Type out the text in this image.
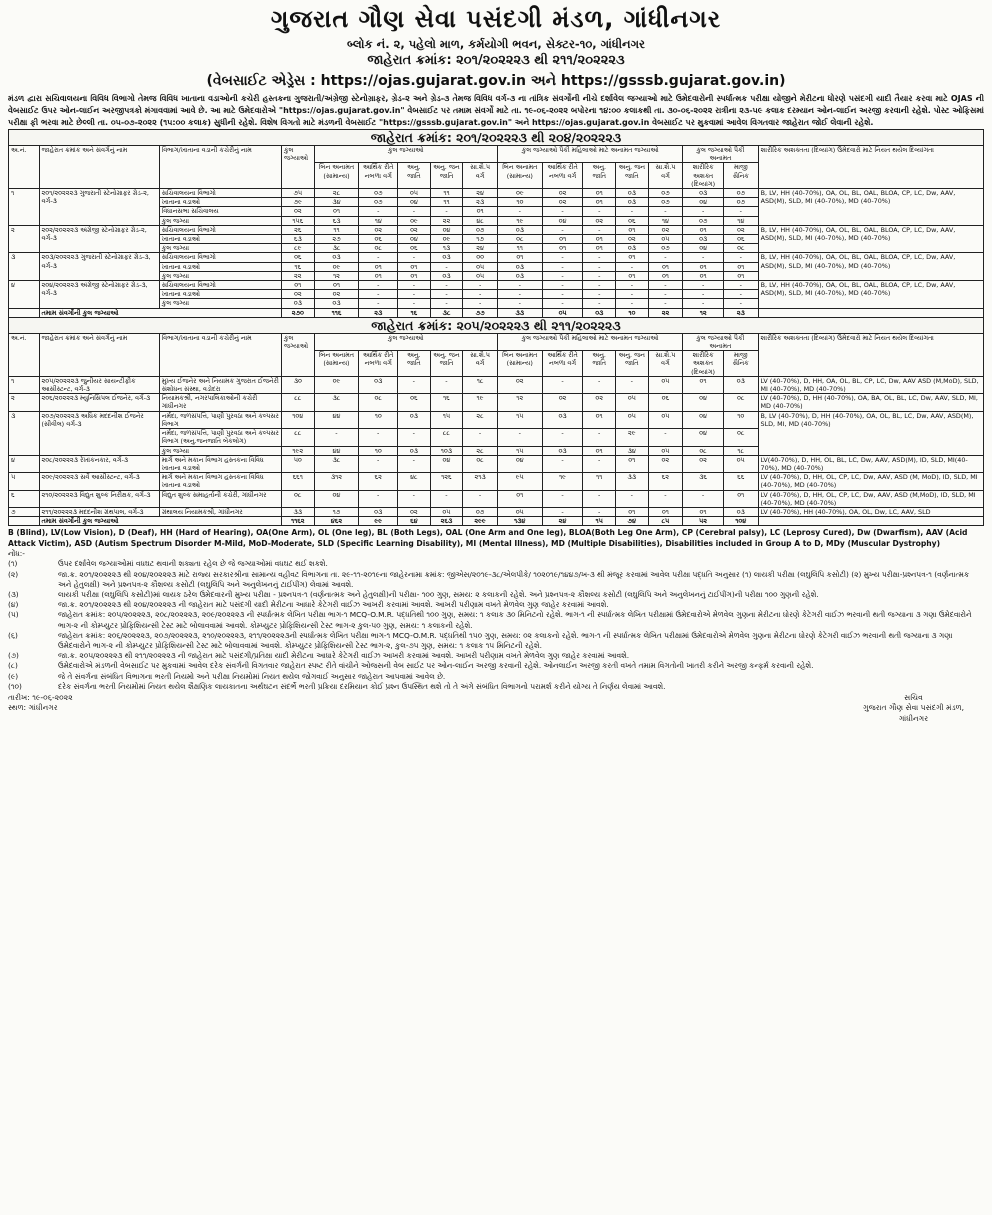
ગુજરાત ગૌણ સેવા પસંદગી મંડળ, ગાંધીનગર
બ્લોક નં. ૨, પહેલો માળ, કર્મયોગી ભવન, સેક્ટર-૧૦, ગાંધીનગર
જાહેરાત ક્રમાંક: ૨૦૧/૨૦૨૨૨૩ થી ૨૧૧/૨૦૨૨૨૩
(વેબસાઈટ એડ્રેસ : https://ojas.gujarat.gov.in અને https://gsssb.gujarat.gov.in)
મંડળ દ્વારા સચિવાલયના વિવિધ વિભાગો તેમજ વિવિધ ખાતાના વડાઓની કચેરી હસ્તકના ગુજરાતી/અંગ્રેજી સ્ટેનોગ્રાફર, ગ્રેડ-૨ અને ગ્રેડ-૩ તેમજ વિવિધ વર્ગ-૩ ના તાંત્રિક સંવર્ગોની નીચે દર્શાવેલ જગ્યાઓ માટે ઉમેદવારોની સ્પર્ધાત્મક પરીક્ષા યોજીને મેરીટના ધોરણે પસંદગી યાદી તૈયાર કરવા માટે OJAS ની વેબસાઈટ ઉપર ઓન-લાઈન અરજીપત્રકો મંગાવવામાં આવે છે. આ માટે ઉમેદવારોએ "https://ojas.gujarat.gov.in" વેબસાઈટ પર તમામ સંવર્ગો માટે તા. ૧૯-૦૬-૨૦૨૨ બપોરના ૧૪:૦૦ કલાકથી તા. ૩૦-૦૬-૨૦૨૨ રાત્રીના ૨૩-૫૯ કલાક દરમ્યાન ઓન-લાઈન અરજી કરવાની રહેશે. પોસ્ટ ઓફિસમાં પરીક્ષા ફી ભરવા માટે છેલ્લી તા. ૦૫-૦૭-૨૦૨૨ (૧૫:૦૦ કલાક) સુધીની રહેશે. વિશેષ વિગતો માટે મંડળની વેબસાઈટ "https://gsssb.gujarat.gov.in" અને https://ojas.gujarat.gov.in વેબસાઈટ પર મુકવામાં આવેલ વિગતવાર જાહેરાત જોઈ લેવાની રહેશે.
જાહેરાત ક્રમાંક: ૨૦૧/૨૦૨૨૨૩ થી ૨૦૪/૨૦૨૨૨૩																
અ.નં.	જાહેરાત ક્રમાંક અને સંવર્ગનું નામ	વિભાગ/ખાતાના વડાની કચેરીનું નામ	કુલ જગ્યાઓ	કુલ જગ્યાઓ					કુલ જગ્યાઓ પૈકી મહિલાઓ માટે અનામત જગ્યાઓ					કુલ જગ્યાઓ પૈકી અનામત		શારીરિક અશક્તતા (દિવ્યાંગ) ઉમેદવારો માટે નિયત થયેલ દિવ્યાંગતા
				બિન અનામત (સામાન્ય)	આર્થિક રીતે નબળા વર્ગ	અનુ. જાતિ	અનુ. જન જાતિ	સા.શૈ.પ વર્ગ	બિન અનામત (સામાન્ય)	આર્થિક રીતે નબળા વર્ગ	અનુ. જાતિ	અનુ. જન જાતિ	સા.શૈ.પ વર્ગ	શારીરિક અશક્ત (દિવ્યાંગ)	માજી સૈનિક	
૧	૨૦૧/૨૦૨૨૨૩ ગુજરાતી સ્ટેનોગ્રાફર ગ્રેડ-૨, વર્ગ-૩	સચિવાલયના વિભાગો	૭૫	૨૮	૦૭	૦૫	૧૧	૨૪	૦૯	૦૨	૦૧	૦૩	૦૭	૦૩	૦૭	B, LV, HH (40-70%), OA, OL, BL, OAL, BLOA, CP, LC, Dw, AAV, ASD(M), SLD, MI (40-70%), MD (40-70%)
		ખાતાના વડાઓ	૭૯	૩૪	૦૭	૦૪	૧૧	૨૩	૧૦	૦૨	૦૧	૦૩	૦૭	૦૪	૦૭	
		વિધાનસભા સચિવાલય	૦૨	૦૧	-	-	-	૦૧	-	-	-	-	-	-	-	
		કુલ જગ્યા	૧૫૬	૬૩	૧૪	૦૯	૨૨	૪૮	૧૯	૦૪	૦૨	૦૬	૧૪	૦૭	૧૪	
૨	૨૦૨/૨૦૨૨૨૩ અંગ્રેજી સ્ટેનોગ્રાફર ગ્રેડ-૨, વર્ગ-૩	સચિવાલયના વિભાગો	૨૬	૧૧	૦૨	૦૨	૦૪	૦૭	૦૩	-	-	૦૧	૦૨	૦૧	૦૨	B, LV, HH (40-70%), OA, OL, BL, OAL, BLOA, CP, LC, Dw, AAV, ASD(M), SLD, MI (40-70%), MD (40-70%)
		ખાતાના વડાઓ	૬૩	૨૭	૦૬	૦૪	૦૯	૧૭	૦૮	૦૧	૦૧	૦૨	૦૫	૦૩	૦૬	
		કુલ જગ્યા	૮૯	૩૮	૦૮	૦૬	૧૩	૨૪	૧૧	૦૧	૦૧	૦૩	૦૭	૦૪	૦૮	
૩	૨૦૩/૨૦૨૨૨૩ ગુજરાતી સ્ટેનોગ્રાફર ગ્રેડ-૩, વર્ગ-૩	સચિવાલયના વિભાગો	૦૬	૦૩	-	-	૦૩	૦૦	૦૧	-	-	૦૧	-	-	-	B, LV, HH (40-70%), OA, OL, BL, OAL, BLOA, CP, LC, Dw, AAV, ASD(M), SLD, MI (40-70%), MD (40-70%)
		ખાતાના વડાઓ	૧૬	૦૯	૦૧	૦૧	-	૦૫	૦૩	-	-	-	૦૧	૦૧	૦૧	
		કુલ જગ્યા	૨૨	૧૨	૦૧	૦૧	૦૩	૦૫	૦૩	-	-	૦૧	૦૧	૦૧	૦૧	
૪	૨૦૪/૨૦૨૨૨૩ અંગ્રેજી સ્ટેનોગ્રાફર ગ્રેડ-૩, વર્ગ-૩	સચિવાલયના વિભાગો	૦૧	૦૧	-	-	-	-	-	-	-	-	-	-	-	B, LV, HH (40-70%), OA, OL, BL, OAL, BLOA, CP, LC, Dw, AAV, ASD(M), SLD, MI (40-70%), MD (40-70%)
		ખાતાના વડાઓ	૦૨	૦૨	-	-	-	-	-	-	-	-	-	-	-	
		કુલ જગ્યા	૦૩	૦૩	-	-	-	-	-	-	-	-	-	-	-	
	તમામ સંવર્ગોની કુલ જગ્યાઓ		૨૭૦	૧૧૬	૨૩	૧૬	૩૮	૭૭	૩૩	૦૫	૦૩	૧૦	૨૨	૧૨	૨૩	
જાહેરાત ક્રમાંક: ૨૦૫/૨૦૨૨૨૩ થી ૨૧૧/૨૦૨૨૨૩																
અ.નં.	જાહેરાત ક્રમાંક અને સંવર્ગનું નામ	વિભાગ/ખાતાના વડાની કચેરીનું નામ	કુલ જગ્યાઓ	કુલ જગ્યાઓ					કુલ જગ્યાઓ પૈકી મહિલાઓ માટે અનામત જગ્યાઓ					કુલ જગ્યાઓ પૈકી અનામત		શારીરિક અશક્તતા (દિવ્યાંગ) ઉમેદવારો માટે નિયત થયેલ દિવ્યાંગતા
				બિન અનામત (સામાન્ય)	આર્થિક રીતે નબળા વર્ગ	અનુ. જાતિ	અનુ. જન જાતિ	સા.શૈ.પ વર્ગ	બિન અનામત (સામાન્ય)	આર્થિક રીતે નબળા વર્ગ	અનુ. જાતિ	અનુ. જન જાતિ	સા.શૈ.પ વર્ગ	શારીરિક અશક્ત (દિવ્યાંગ)	માજી સૈનિક	
૧	૨૦૫/૨૦૨૨૨૩ જુનીયર સાયન્ટીફીક આસીસ્ટન્ટ, વર્ગ-૩	મુખ્ય ઈજનેર અને નિયામક ગુજરાત ઈજનેરી સંશોધન સંસ્થા, વડોદરા	૩૦	૦૯	૦૩	-	-	૧૮	૦૨	-	-	-	૦૫	૦૧	૦૩	LV (40-70%), D, HH, OA, OL, BL, CP, LC, Dw, AAV ASD (M,MoD), SLD, MI (40-70%), MD (40-70%)
૨	૨૦૬/૨૦૨૨૨૩ મ્યુનિસિપલ ઈજનેર, વર્ગ-૩	નિયામકશ્રી, નગરપાલિકાઓની કચેરી ગાંધીનગર	૮૮	૩૮	૦૮	૦૬	૧૬	૧૯	૧૨	૦૨	૦૨	૦૫	૦૬	૦૪	૦૮	LV (40-70%), D, HH (40-70%), OA, BA, OL, BL, LC, Dw, AAV, SLD, MI, MD (40-70%)
૩	૨૦૭/૨૦૨૨૨૩ અધિક મદદનીશ ઈજનેર (સીવીલ) વર્ગ-૩	નર્મદા, જળસંપત્તિ, પાણી પુરવઠા અને કલ્પસર વિભાગ	૧૦૪	૪૪	૧૦	૦૩	૧૫	૨૮	૧૫	૦૩	૦૧	૦૫	૦૫	૦૪	૧૦	B, LV (40-70%), D, HH (40-70%), OA, OL, BL, LC, Dw, AAV, ASD(M), SLD, MI, MD (40-70%)
		નર્મદા, જળસંપત્તિ, પાણી પુરવઠા અને કલ્પસર વિભાગ (અનુ.જનજાતિ બેકલોગ)	૮૮	-	-	-	૮૮	-	-	-	-	૨૯	-	૦૪	૦૮	
		કુલ જગ્યા	૧૯૨	૪૪	૧૦	૦૩	૧૦૩	૨૮	૧૫	૦૩	૦૧	૩૪	૦૫	૦૮	૧૮	
૪	૨૦૮/૨૦૨૨૨૩ રેખાંકનકાર, વર્ગ-૩	માર્ગ અને મકાન વિભાગ હસ્તકના વિવિધ ખાતાના વડાઓ	૫૦	૩૮	-	-	૦૪	૦૮	૦૪	-	-	૦૧	૦૨	૦૨	૦૫	LV(40-70%), D, HH, OL, BL, LC, Dw, AAV, ASD(M), ID, SLD, MI(40-70%), MD (40-70%)
૫	૨૦૯/૨૦૨૨૨૩ સર્વે આસીસ્ટન્ટ, વર્ગ-૩	માર્ગ અને મકાન વિભાગ હસ્તકના વિવિધ ખાતાના વડાઓ	૬૬૧	૩૧૨	૬૨	૪૮	૧૨૬	૨૧૩	૯૫	૧૯	૧૧	૩૩	૬૨	૩૬	૬૬	LV (40-70%), D, HH, OL, CP, LC, Dw, AAV, ASD (M, MoD), ID, SLD, MI (40-70%), MD (40-70%)
૬	૨૧૦/૨૦૨૨૨૩ વિદ્યુત શુલ્ક નિરીક્ષક, વર્ગ-૩	વિદ્યુત શુલ્ક સમાહર્તાની કચેરી, ગાંધીનગર	૦૮	૦૪	-	-	-	-	૦૧	-	-	-	-	-	૦૧	LV (40-70%), D, HH, OL, CP, LC, Dw, AAV, ASD (M,MoD), ID, SLD, MI (40-70%), MD (40-70%)
૭	૨૧૧/૨૦૨૨૨૩ મદદનીશ ગ્રંથપાલ, વર્ગ-૩	ગ્રંથાલય નિયામકશ્રી, ગાંધીનગર	૩૩	૧૭	૦૩	૦૨	૦૫	૦૭	૦૫	-	-	૦૧	૦૧	૦૧	૦૩	LV (40-70%), HH (40-70%), OA, OL, Dw, LC, AAV, SLD
	તમામ સંવર્ગોની કુલ જગ્યાઓ		૧૧૬૨	૪૬૨	૯૯	૬૪	૨૬૩	૨૯૯	૧૩૪	૨૪	૧૫	૭૪	૮૫	૫૨	૧૦૪	
B (Blind), LV(Low Vision), D (Deaf), HH (Hard of Hearing), OA(One Arm), OL (One leg), BL (Both Legs), OAL (One Arm and One leg), BLOA(Both Leg One Arm), CP (Cerebral palsy), LC (Leprosy Cured), Dw (Dwarfism), AAV (Acid Attack Victim), ASD (Autism Spectrum Disorder M-Mild, MoD-Moderate, SLD (Specific Learning Disability), MI (Mental Illness), MD (Multiple Disabilities), Disabilities included in Group A to D, MDy (Muscular Dystrophy)
નોંધ:-
(૧)	ઉપર દર્શાવેલ જગ્યાઓમાં વધઘટ થવાની શક્યતા રહેલ છે જે જગ્યાઓમાં વધઘટ થઈ શકશે.
(૨)	જા.ક્ર. ૨૦૧/૨૦૨૨૨૩ થી ૨૦૪/૨૦૨૨૨૩ માટે રાજ્ય સરકારશ્રીના સામાન્ય વહીવટ વિભાગના તા. ૨૯-૧૧-૨૦૧૯ના જાહેરનામા ક્રમાંક: જીએસ/૨૦૧૯-૩૮/એલપીકે/ ૧૦૨૦૧૯/૧૪૪૭/ખ-૩ થી મંજૂર કરવામાં આવેલ પરીક્ષા પદ્ધતિ અનુસાર (૧) લાયકી પરીક્ષા (લઘુલિપિ કસોટી) (૨) મુખ્ય પરીક્ષા-પ્રશ્નપત્ર-૧ (વર્ણનાત્મક અને હેતુલક્ષી) અને પ્રશ્નપત્ર-૨ કૌશલ્ય કસોટી (લઘુલિપિ અને અનુલેખનનું ટાઈપીંગ) લેવામાં આવશે.
(૩)	લાયકી પરીક્ષા (લઘુલિપિ કસોટી)માં લાયક ઠરેલ ઉમેદવારની મુખ્ય પરીક્ષા - પ્રશ્નપત્ર-૧ (વર્ણનાત્મક અને હેતુલક્ષી)ની પરીક્ષા- ૧૦૦ ગુણ, સમય: ૨ કલાકની રહેશે. અને પ્રશ્નપત્ર-૨ કૌશલ્ય કસોટી (લઘુલિપિ અને અનુલેખનનું ટાઈપીંગ)ની પરીક્ષા ૧૦૦ ગુણની રહેશે.
(૪)	જા.ક્ર. ૨૦૧/૨૦૨૨૨૩ થી ૨૦૪/૨૦૨૨૨૩ ની જાહેરાત માટે પસંદગી યાદી મેરીટના આધારે કેટેગરી વાઈઝ આખરી કરવામાં આવશે. આખરી પરીણામ વખતે મેળવેલ ગુણ જાહેર કરવામાં આવશે.
(૫)	જાહેરાત ક્રમાંક: ૨૦૫/૨૦૨૨૨૩, ૨૦૮/૨૦૨૨૨૩, ૨૦૯/૨૦૨૨૨૩ ની સ્પર્ધાત્મક લેખિત પરીક્ષા ભાગ-૧ MCQ-O.M.R. પદ્ધતિથી ૧૦૦ ગુણ, સમય: ૧ કલાક ૩૦ મિનિટનો રહેશે. ભાગ-૧ ની સ્પર્ધાત્મક લેખિત પરીક્ષામાં ઉમેદવારોએ મેળવેલ ગુણના મેરીટના ધોરણે કેટેગરી વાઈઝ ભરવાની થતી જગ્યાના ૩ ગણા ઉમેદવારોને ભાગ-૨ ની કોમ્પ્યુટર પ્રોફિશિયન્સી ટેસ્ટ માટે બોલાવવામાં આવશે. કોમ્પ્યુટર પ્રોફિશિયન્સી ટેસ્ટ ભાગ-૨ કુલ-૫૦ ગુણ, સમય: ૧ કલાકની રહેશે.
(૬)	જાહેરાત ક્રમાંક: ૨૦૬/૨૦૨૨૨૩, ૨૦૭/૨૦૨૨૨૩, ૨૧૦/૨૦૨૨૨૩, ૨૧૧/૨૦૨૨૨૩ની સ્પર્ધાત્મક લેખિત પરીક્ષા ભાગ-૧ MCQ-O.M.R. પદ્ધતિથી ૧૫૦ ગુણ, સમય: ૦૨ કલાકનો રહેશે. ભાગ-૧ ની સ્પર્ધાત્મક લેખિત પરીક્ષામાં ઉમેદવારોએ મેળવેલ ગુણના મેરીટના ધોરણે કેટેગરી વાઈઝ ભરવાની થતી જગ્યાના ૩ ગણા ઉમેદવારોને ભાગ-૨ ની કોમ્પ્યુટર પ્રોફિશિયન્સી ટેસ્ટ માટે બોલાવવામાં આવશે. કોમ્પ્યુટર પ્રોફિશિયન્સી ટેસ્ટ ભાગ-૨, કુલ-૭૫ ગુણ, સમય: ૧ કલાક ૧૫ મિનિટની રહેશે.
(૭)	જા.ક્ર. ૨૦૫/૨૦૨૨૨૩ થી ૨૧૧/૨૦૨૨૨૩ ની જાહેરાત માટે પસંદગી/પ્રતિક્ષા યાદી મેરીટના આધારે કેટેગરી વાઈઝ આખરી કરવામાં આવશે. આખરી પરીણામ વખતે મેળવેલ ગુણ જાહેર કરવામાં આવશે.
(૮)	ઉમેદવારોએ મંડળની વેબસાઈટ પર મુકવામાં આવેલ દરેક સંવર્ગની વિગતવાર જાહેરાત સ્પષ્ટ રીતે વાંચીને ઓજસની વેબ સાઈટ પર ઓન-લાઈન અરજી કરવાની રહેશે. ઓનલાઈન અરજી કરતી વખતે તમામ વિગતોની ખાતરી કરીને અરજી કન્ફર્મ કરવાની રહેશે.
(૯)	જે તે સંવર્ગના સંબંધિત વિભાગના ભરતી નિયમો અને પરીક્ષા નિયમોમાં નિયત થયેલ જોગવાઈ અનુસાર જાહેરાત આપવામાં આવેલ છે.
(૧૦)	દરેક સંવર્ગના ભરતી નિયમોમાં નિયત થયેલ શૈક્ષણિક લાયકાતના અર્થઘટન સંદર્ભે ભરતી પ્રક્રિયા દરમિયાન કોઈ પ્રશ્ન ઉપસ્થિત થશે તો તે અંગે સંબંધિત વિભાગનો પરામર્શ કરીને યોગ્ય તે નિર્ણય લેવામાં આવશે.
તારીખ: ૧૯-૦૬-૨૦૨૨
સ્થળ: ગાંધીનગર
સચિવ
ગુજરાત ગૌણ સેવા પસંદગી મંડળ,
ગાંધીનગર
